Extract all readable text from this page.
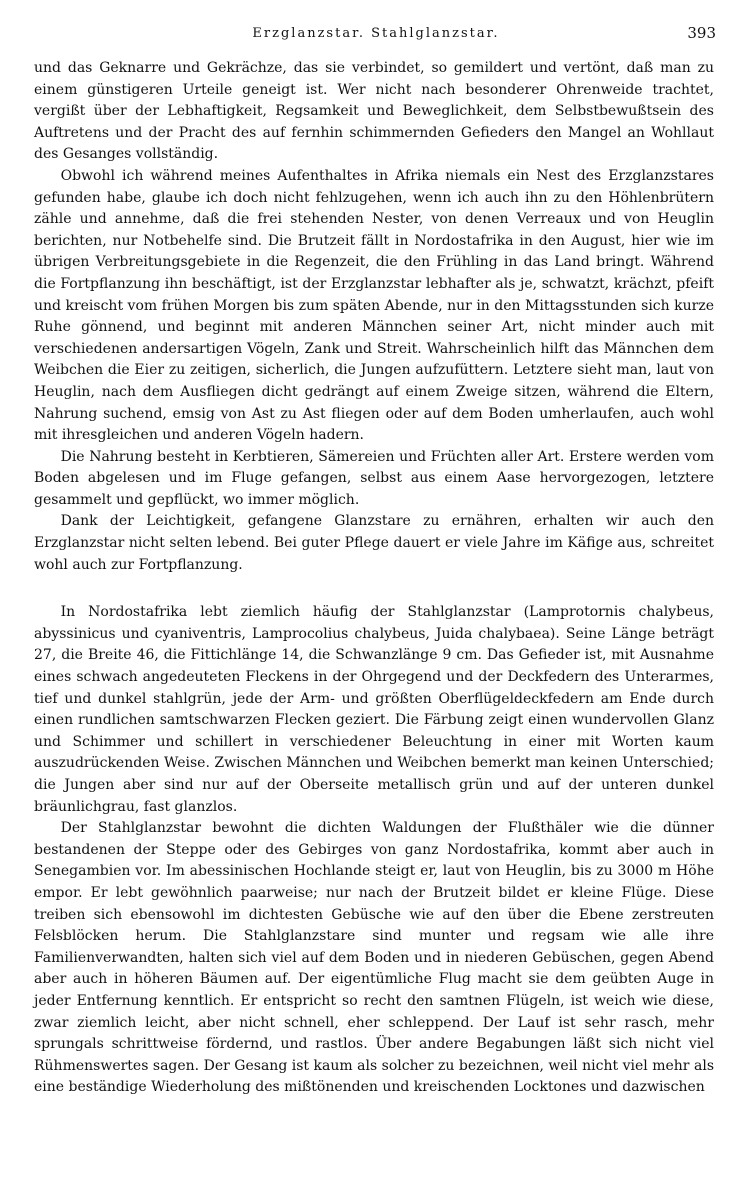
Erzglanzstar. Stahlglanzstar.	393

und das Geknarre und Gekrächze, das sie verbindet, so gemildert und vertönt, daß man zu einem günstigeren Urteile geneigt ist. Wer nicht nach besonderer Ohrenweide trachtet, vergißt über der Lebhaftigkeit, Regsamkeit und Beweglichkeit, dem Selbstbewußtsein des Auftretens und der Pracht des auf fernhin schimmernden Gefieders den Mangel an Wohllaut des Gesanges vollständig.

Obwohl ich während meines Aufenthaltes in Afrika niemals ein Nest des Erzglanzstares gefunden habe, glaube ich doch nicht fehlzugehen, wenn ich auch ihn zu den Höhlenbrütern zähle und annehme, daß die frei stehenden Nester, von denen Verreaux und von Heuglin berichten, nur Notbehelfe sind. Die Brutzeit fällt in Nordostafrika in den August, hier wie im übrigen Verbreitungsgebiete in die Regenzeit, die den Frühling in das Land bringt. Während die Fortpflanzung ihn beschäftigt, ist der Erzglanzstar lebhafter als je, schwatzt, krächzt, pfeift und kreischt vom frühen Morgen bis zum späten Abende, nur in den Mittagsstunden sich kurze Ruhe gönnend, und beginnt mit anderen Männchen seiner Art, nicht minder auch mit verschiedenen andersartigen Vögeln, Zank und Streit. Wahrscheinlich hilft das Männchen dem Weibchen die Eier zu zeitigen, sicherlich, die Jungen aufzufüttern. Letztere sieht man, laut von Heuglin, nach dem Ausfliegen dicht gedrängt auf einem Zweige sitzen, während die Eltern, Nahrung suchend, emsig von Ast zu Ast fliegen oder auf dem Boden umherlaufen, auch wohl mit ihresgleichen und anderen Vögeln hadern.

Die Nahrung besteht in Kerbtieren, Sämereien und Früchten aller Art. Erstere werden vom Boden abgelesen und im Fluge gefangen, selbst aus einem Aase hervorgezogen, letztere gesammelt und gepflückt, wo immer möglich.

Dank der Leichtigkeit, gefangene Glanzstare zu ernähren, erhalten wir auch den Erzglanzstar nicht selten lebend. Bei guter Pflege dauert er viele Jahre im Käfige aus, schreitet wohl auch zur Fortpflanzung.

In Nordostafrika lebt ziemlich häufig der Stahlglanzstar (Lamprotornis chalybeus, abyssinicus und cyaniventris, Lamprocolius chalybeus, Juida chalybaea). Seine Länge beträgt 27, die Breite 46, die Fittichlänge 14, die Schwanzlänge 9 cm. Das Gefieder ist, mit Ausnahme eines schwach angedeuteten Fleckens in der Ohrgegend und der Deckfedern des Unterarmes, tief und dunkel stahlgrün, jede der Arm- und größten Oberflügeldeckfedern am Ende durch einen rundlichen samtschwarzen Flecken geziert. Die Färbung zeigt einen wundervollen Glanz und Schimmer und schillert in verschiedener Beleuchtung in einer mit Worten kaum auszudrückenden Weise. Zwischen Männchen und Weibchen bemerkt man keinen Unterschied; die Jungen aber sind nur auf der Oberseite metallisch grün und auf der unteren dunkel bräunlichgrau, fast glanzlos.

Der Stahlglanzstar bewohnt die dichten Waldungen der Flußthäler wie die dünner bestandenen der Steppe oder des Gebirges von ganz Nordostafrika, kommt aber auch in Senegambien vor. Im abessinischen Hochlande steigt er, laut von Heuglin, bis zu 3000 m Höhe empor. Er lebt gewöhnlich paarweise; nur nach der Brutzeit bildet er kleine Flüge. Diese treiben sich ebensowohl im dichtesten Gebüsche wie auf den über die Ebene zerstreuten Felsblöcken herum. Die Stahlglanzstare sind munter und regsam wie alle ihre Familienverwandten, halten sich viel auf dem Boden und in niederen Gebüschen, gegen Abend aber auch in höheren Bäumen auf. Der eigentümliche Flug macht sie dem geübten Auge in jeder Entfernung kenntlich. Er entspricht so recht den samtnen Flügeln, ist weich wie diese, zwar ziemlich leicht, aber nicht schnell, eher schleppend. Der Lauf ist sehr rasch, mehr sprungals schrittweise fördernd, und rastlos. Über andere Begabungen läßt sich nicht viel Rühmenswertes sagen. Der Gesang ist kaum als solcher zu bezeichnen, weil nicht viel mehr als eine beständige Wiederholung des mißtönenden und kreischenden Locktones und dazwischen
